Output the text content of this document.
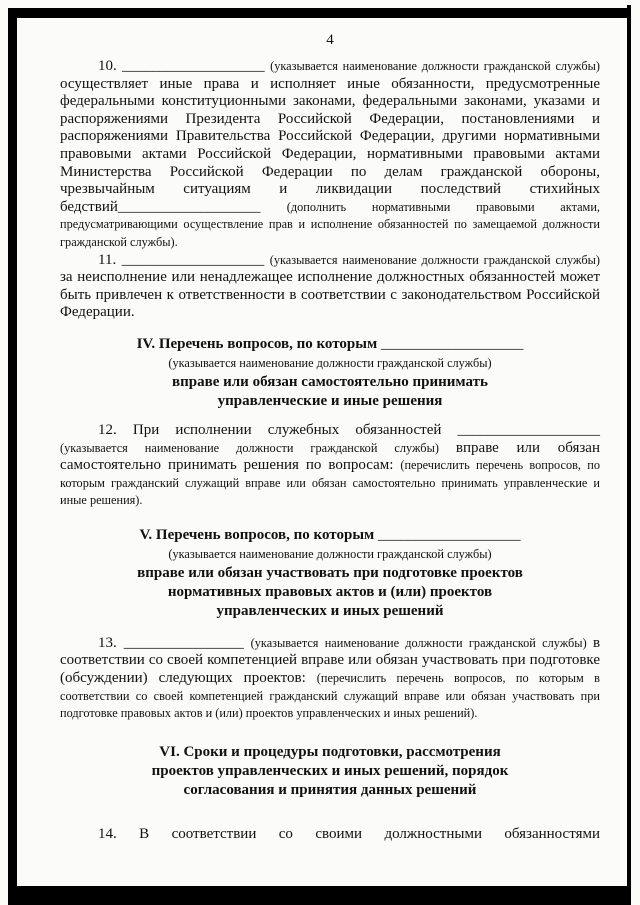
4

10. ___________________ (указывается наименование должности гражданской службы) осуществляет иные права и исполняет иные обязанности, предусмотренные федеральными конституционными законами, федеральными законами, указами и распоряжениями Президента Российской Федерации, постановлениями и распоряжениями Правительства Российской Федерации, другими нормативными правовыми актами Российской Федерации, нормативными правовыми актами Министерства Российской Федерации по делам гражданской обороны, чрезвычайным ситуациям и ликвидации последствий стихийных бедствий___________________ (дополнить нормативными правовыми актами, предусматривающими осуществление прав и исполнение обязанностей по замещаемой должности гражданской службы).

11. ___________________ (указывается наименование должности гражданской службы) за неисполнение или ненадлежащее исполнение должностных обязанностей может быть привлечен к ответственности в соответствии с законодательством Российской Федерации.

IV. Перечень вопросов, по которым ___________________
(указывается наименование должности гражданской службы)
вправе или обязан самостоятельно принимать
управленческие и иные решения

12. При исполнении служебных обязанностей ___________________ (указывается наименование должности гражданской службы) вправе или обязан самостоятельно принимать решения по вопросам: (перечислить перечень вопросов, по которым гражданский служащий вправе или обязан самостоятельно принимать управленческие и иные решения).

V. Перечень вопросов, по которым ___________________
(указывается наименование должности гражданской службы)
вправе или обязан участвовать при подготовке проектов
нормативных правовых актов и (или) проектов
управленческих и иных решений

13. ________________ (указывается наименование должности гражданской службы) в соответствии со своей компетенцией вправе или обязан участвовать при подготовке (обсуждении) следующих проектов: (перечислить перечень вопросов, по которым в соответствии со своей компетенцией гражданский служащий вправе или обязан участвовать при подготовке правовых актов и (или) проектов управленческих и иных решений).

VI. Сроки и процедуры подготовки, рассмотрения
проектов управленческих и иных решений, порядок
согласования и принятия данных решений

14. В соответствии со своими должностными обязанностями
